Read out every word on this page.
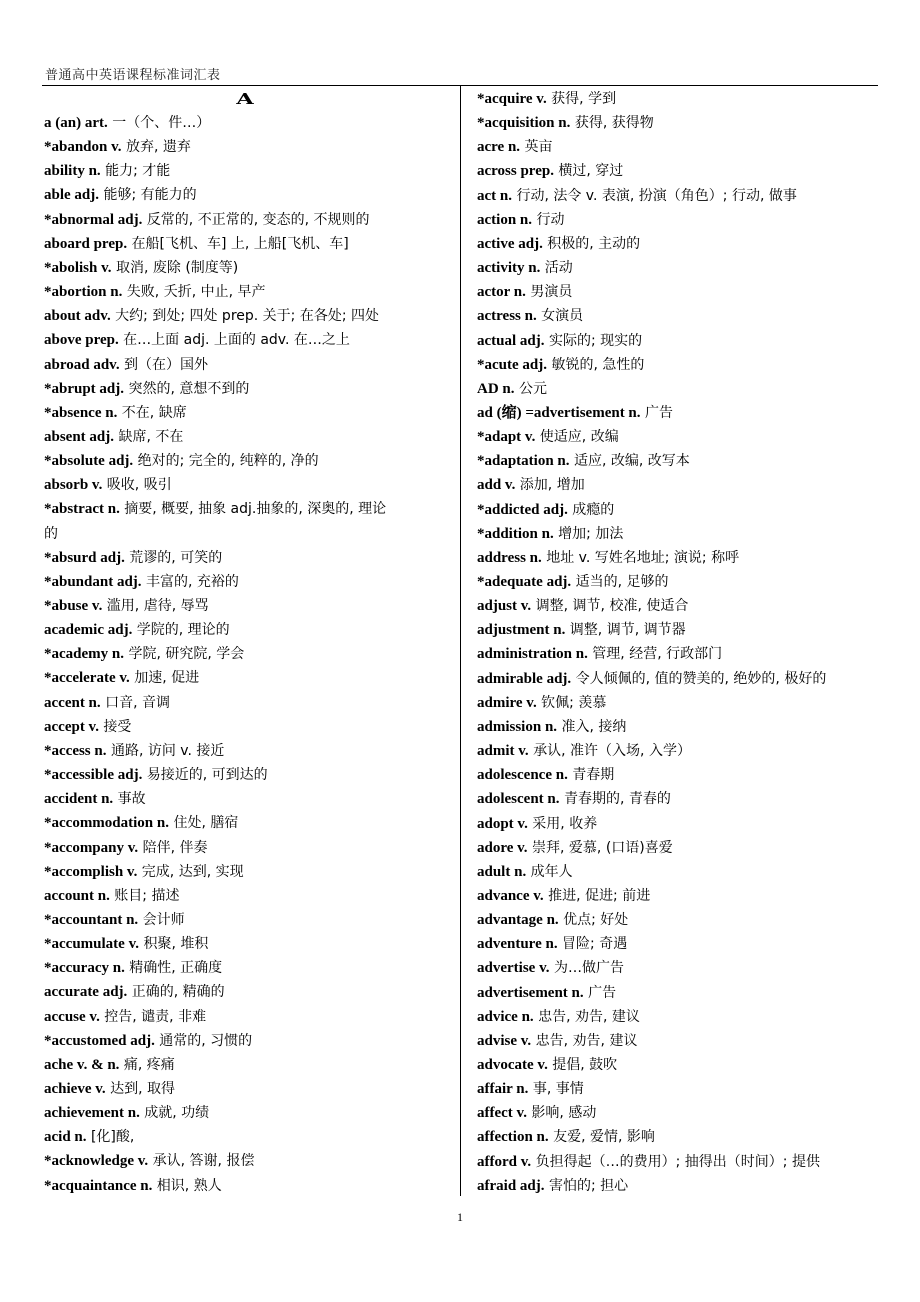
普通高中英语课程标准词汇表
A
a (an) art. 一（个、件…）
*abandon v. 放弃, 遗弃
ability n. 能力; 才能
able adj. 能够; 有能力的
*abnormal adj. 反常的, 不正常的, 变态的, 不规则的
aboard prep. 在船[飞机、车] 上, 上船[飞机、车]
*abolish v. 取消, 废除 (制度等)
*abortion n. 失败, 夭折, 中止, 早产
about adv. 大约; 到处; 四处 prep. 关于; 在各处; 四处
above prep. 在…上面 adj. 上面的 adv. 在…之上
abroad adv. 到（在）国外
*abrupt adj. 突然的, 意想不到的
*absence n. 不在, 缺席
absent adj. 缺席, 不在
*absolute adj. 绝对的; 完全的, 纯粹的, 净的
absorb v. 吸收, 吸引
*abstract n. 摘要, 概要, 抽象 adj.抽象的, 深奥的, 理论
的
*absurd adj. 荒谬的, 可笑的
*abundant adj. 丰富的, 充裕的
*abuse v. 滥用, 虐待, 辱骂
academic adj. 学院的, 理论的
*academy n. 学院, 研究院, 学会
*accelerate v. 加速, 促进
accent n. 口音, 音调
accept v. 接受
*access n. 通路, 访问 v. 接近
*accessible adj. 易接近的, 可到达的
accident n. 事故
*accommodation n. 住处, 膳宿
*accompany v. 陪伴, 伴奏
*accomplish v. 完成, 达到, 实现
account n. 账目; 描述
*accountant n. 会计师
*accumulate v. 积聚, 堆积
*accuracy n. 精确性, 正确度
accurate adj. 正确的, 精确的
accuse v. 控告, 谴责, 非难
*accustomed adj. 通常的, 习惯的
ache v. & n. 痛, 疼痛
achieve v. 达到, 取得
achievement n. 成就, 功绩
acid n. [化]酸,
*acknowledge v. 承认, 答谢, 报偿
*acquaintance n. 相识, 熟人
*acquire v. 获得, 学到
*acquisition n. 获得, 获得物
acre n. 英亩
across prep. 横过, 穿过
act n. 行动, 法令 v. 表演, 扮演（角色）; 行动, 做事
action n. 行动
active adj. 积极的, 主动的
activity n. 活动
actor n. 男演员
actress n. 女演员
actual adj. 实际的; 现实的
*acute adj. 敏锐的, 急性的
AD n. 公元
ad (缩) =advertisement n. 广告
*adapt v. 使适应, 改编
*adaptation n. 适应, 改编, 改写本
add v. 添加, 增加
*addicted adj. 成瘾的
*addition n. 增加; 加法
address n. 地址 v. 写姓名地址; 演说; 称呼
*adequate adj. 适当的, 足够的
adjust v. 调整, 调节, 校准, 使适合
adjustment n. 调整, 调节, 调节器
administration n. 管理, 经营, 行政部门
admirable adj. 令人倾佩的, 值的赞美的, 绝妙的, 极好的
admire v. 钦佩; 羡慕
admission n. 准入, 接纳
admit v. 承认, 准许（入场, 入学）
adolescence n. 青春期
adolescent n. 青春期的, 青春的
adopt v. 采用, 收养
adore v. 崇拜, 爱慕, (口语)喜爱
adult n. 成年人
advance v. 推进, 促进; 前进
advantage n. 优点; 好处
adventure n. 冒险; 奇遇
advertise v. 为…做广告
advertisement n. 广告
advice n. 忠告, 劝告, 建议
advise v. 忠告, 劝告, 建议
advocate v. 提倡, 鼓吹
affair n. 事, 事情
affect v. 影响, 感动
affection n. 友爱, 爱情, 影响
afford v. 负担得起（…的费用）; 抽得出（时间）; 提供
afraid adj. 害怕的; 担心
1
